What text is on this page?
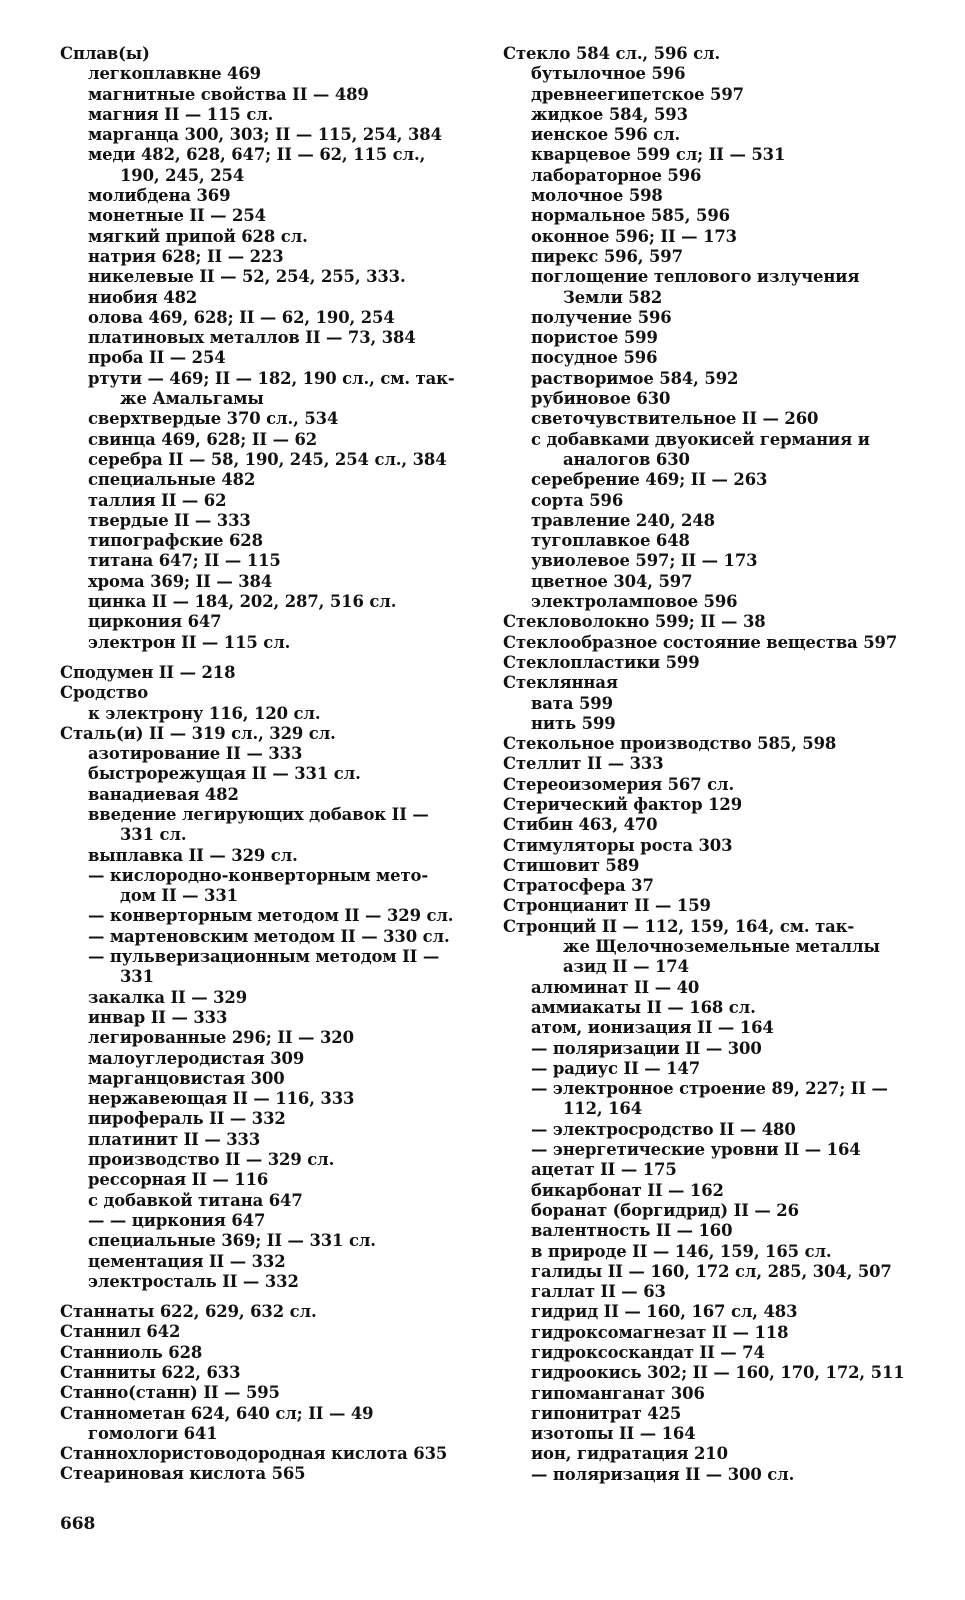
Сплав(ы)
легкоплавкне 469
магнитные свойства II — 489
магния II — 115 сл.
марганца 300, 303; II — 115, 254, 384
меди 482, 628, 647; II — 62, 115 сл.,
190, 245, 254
молибдена 369
монетные II — 254
мягкий припой 628 сл.
натрия 628; II — 223
никелевые II — 52, 254, 255, 333.
ниобия 482
олова 469, 628; II — 62, 190, 254
платиновых металлов II — 73, 384
проба II — 254
ртути — 469; II — 182, 190 сл., см. так-
же Амальгамы
сверхтвердые 370 сл., 534
свинца 469, 628; II — 62
серебра II — 58, 190, 245, 254 сл., 384
специальные 482
таллия II — 62
твердые II — 333
типографские 628
титана 647; II — 115
хрома 369; II — 384
цинка II — 184, 202, 287, 516 сл.
циркония 647
электрон II — 115 сл.
Сподумен II — 218
Сродство
к электрону 116, 120 сл.
Сталь(и) II — 319 сл., 329 сл.
азотирование II — 333
быстрорежущая II — 331 сл.
ванадиевая 482
введение легирующих добавок II —
331 сл.
выплавка II — 329 сл.
— кислородно-конверторным мето-
дом II — 331
— конверторным методом II — 329 сл.
— мартеновским методом II — 330 сл.
— пульверизационным методом II —
331
закалка II — 329
инвар II — 333
легированные 296; II — 320
малоуглеродистая 309
марганцовистая 300
нержавеющая II — 116, 333
пирофераль II — 332
платинит II — 333
производство II — 329 сл.
рессорная II — 116
с добавкой титана 647
— — циркония 647
специальные 369; II — 331 сл.
цементация II — 332
электросталь II — 332
Станнаты 622, 629, 632 сл.
Станнил 642
Станниоль 628
Станниты 622, 633
Станно(станн) II — 595
Станнометан 624, 640 сл; II — 49
гомологи 641
Станнохлористоводородная кислота 635
Стеариновая кислота 565
Стекло 584 сл., 596 сл.
бутылочное 596
древнеегипетское 597
жидкое 584, 593
иенское 596 сл.
кварцевое 599 сл; II — 531
лабораторное 596
молочное 598
нормальное 585, 596
оконное 596; II — 173
пирекс 596, 597
поглощение теплового излучения
Земли 582
получение 596
пористое 599
посудное 596
растворимое 584, 592
рубиновое 630
светочувствительное II — 260
с добавками двуокисей германия и
аналогов 630
серебрение 469; II — 263
сорта 596
травление 240, 248
тугоплавкое 648
увиолевое 597; II — 173
цветное 304, 597
электроламповое 596
Стекловолокно 599; II — 38
Стеклообразное состояние вещества 597
Стеклопластики 599
Стеклянная
вата 599
нить 599
Стекольное производство 585, 598
Стеллит II — 333
Стереоизомерия 567 сл.
Стерический фактор 129
Стибин 463, 470
Стимуляторы роста 303
Стишовит 589
Стратосфера 37
Стронцианит II — 159
Стронций II — 112, 159, 164, см. так-
же Щелочноземельные металлы
азид II — 174
алюминат II — 40
аммиакаты II — 168 сл.
атом, ионизация II — 164
— поляризации II — 300
— радиус II — 147
— электронное строение 89, 227; II —
112, 164
— электросродство II — 480
— энергетические уровни II — 164
ацетат II — 175
бикарбонат II — 162
боранат (боргидрид) II — 26
валентность II — 160
в природе II — 146, 159, 165 сл.
галиды II — 160, 172 сл, 285, 304, 507
галлат II — 63
гидрид II — 160, 167 сл, 483
гидроксомагнезат II — 118
гидроксоскандат II — 74
гидроокись 302; II — 160, 170, 172, 511
гипоманганат 306
гипонитрат 425
изотопы II — 164
ион, гидратация 210
— поляризация II — 300 сл.
668
